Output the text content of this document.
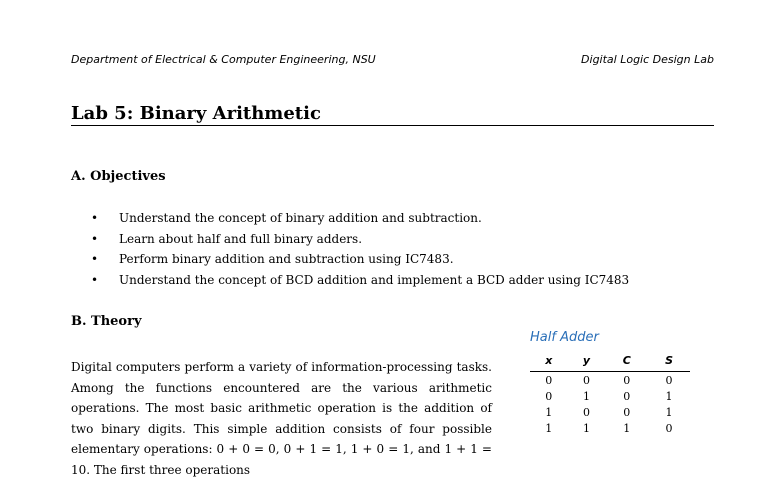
Department of Electrical & Computer Engineering, NSU	Digital Logic Design Lab
Lab 5: Binary Arithmetic
A. Objectives
• Understand the concept of binary addition and subtraction.
• Learn about half and full binary adders.
• Perform binary addition and subtraction using IC7483.
• Understand the concept of BCD addition and implement a BCD adder using IC7483
B. Theory

Digital computers perform a variety of information-processing tasks. Among the functions encountered are the various arithmetic operations. The most basic arithmetic operation is the addition of two binary digits. This simple addition consists of four possible elementary operations: 0 + 0 = 0, 0 + 1 = 1, 1 + 0 = 1, and 1 + 1 = 10. The first three operations

Half Adder
x	y	C	S
0	0	0	0
0	1	0	1
1	0	0	1
1	1	1	0
